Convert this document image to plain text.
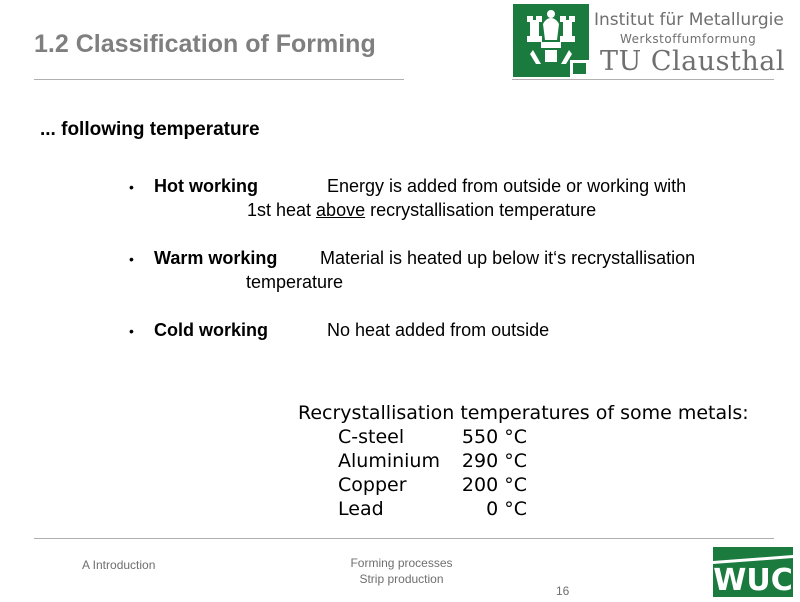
1.2 Classification of Forming
Institut für Metallurgie
Werkstoffumformung
TU Clausthal
... following temperature
• Hot working	Energy is added from outside or working with
1st heat above recrystallisation temperature
• Warm working Material is heated up below it‘s recrystallisation
temperature
• Cold working	No heat added from outside
Recrystallisation temperatures of some metals:
C-steel	550 °C
Aluminium 290 °C
Copper	200 °C
Lead	0 °C
A Introduction	Forming processes
Strip production
16	WUC
